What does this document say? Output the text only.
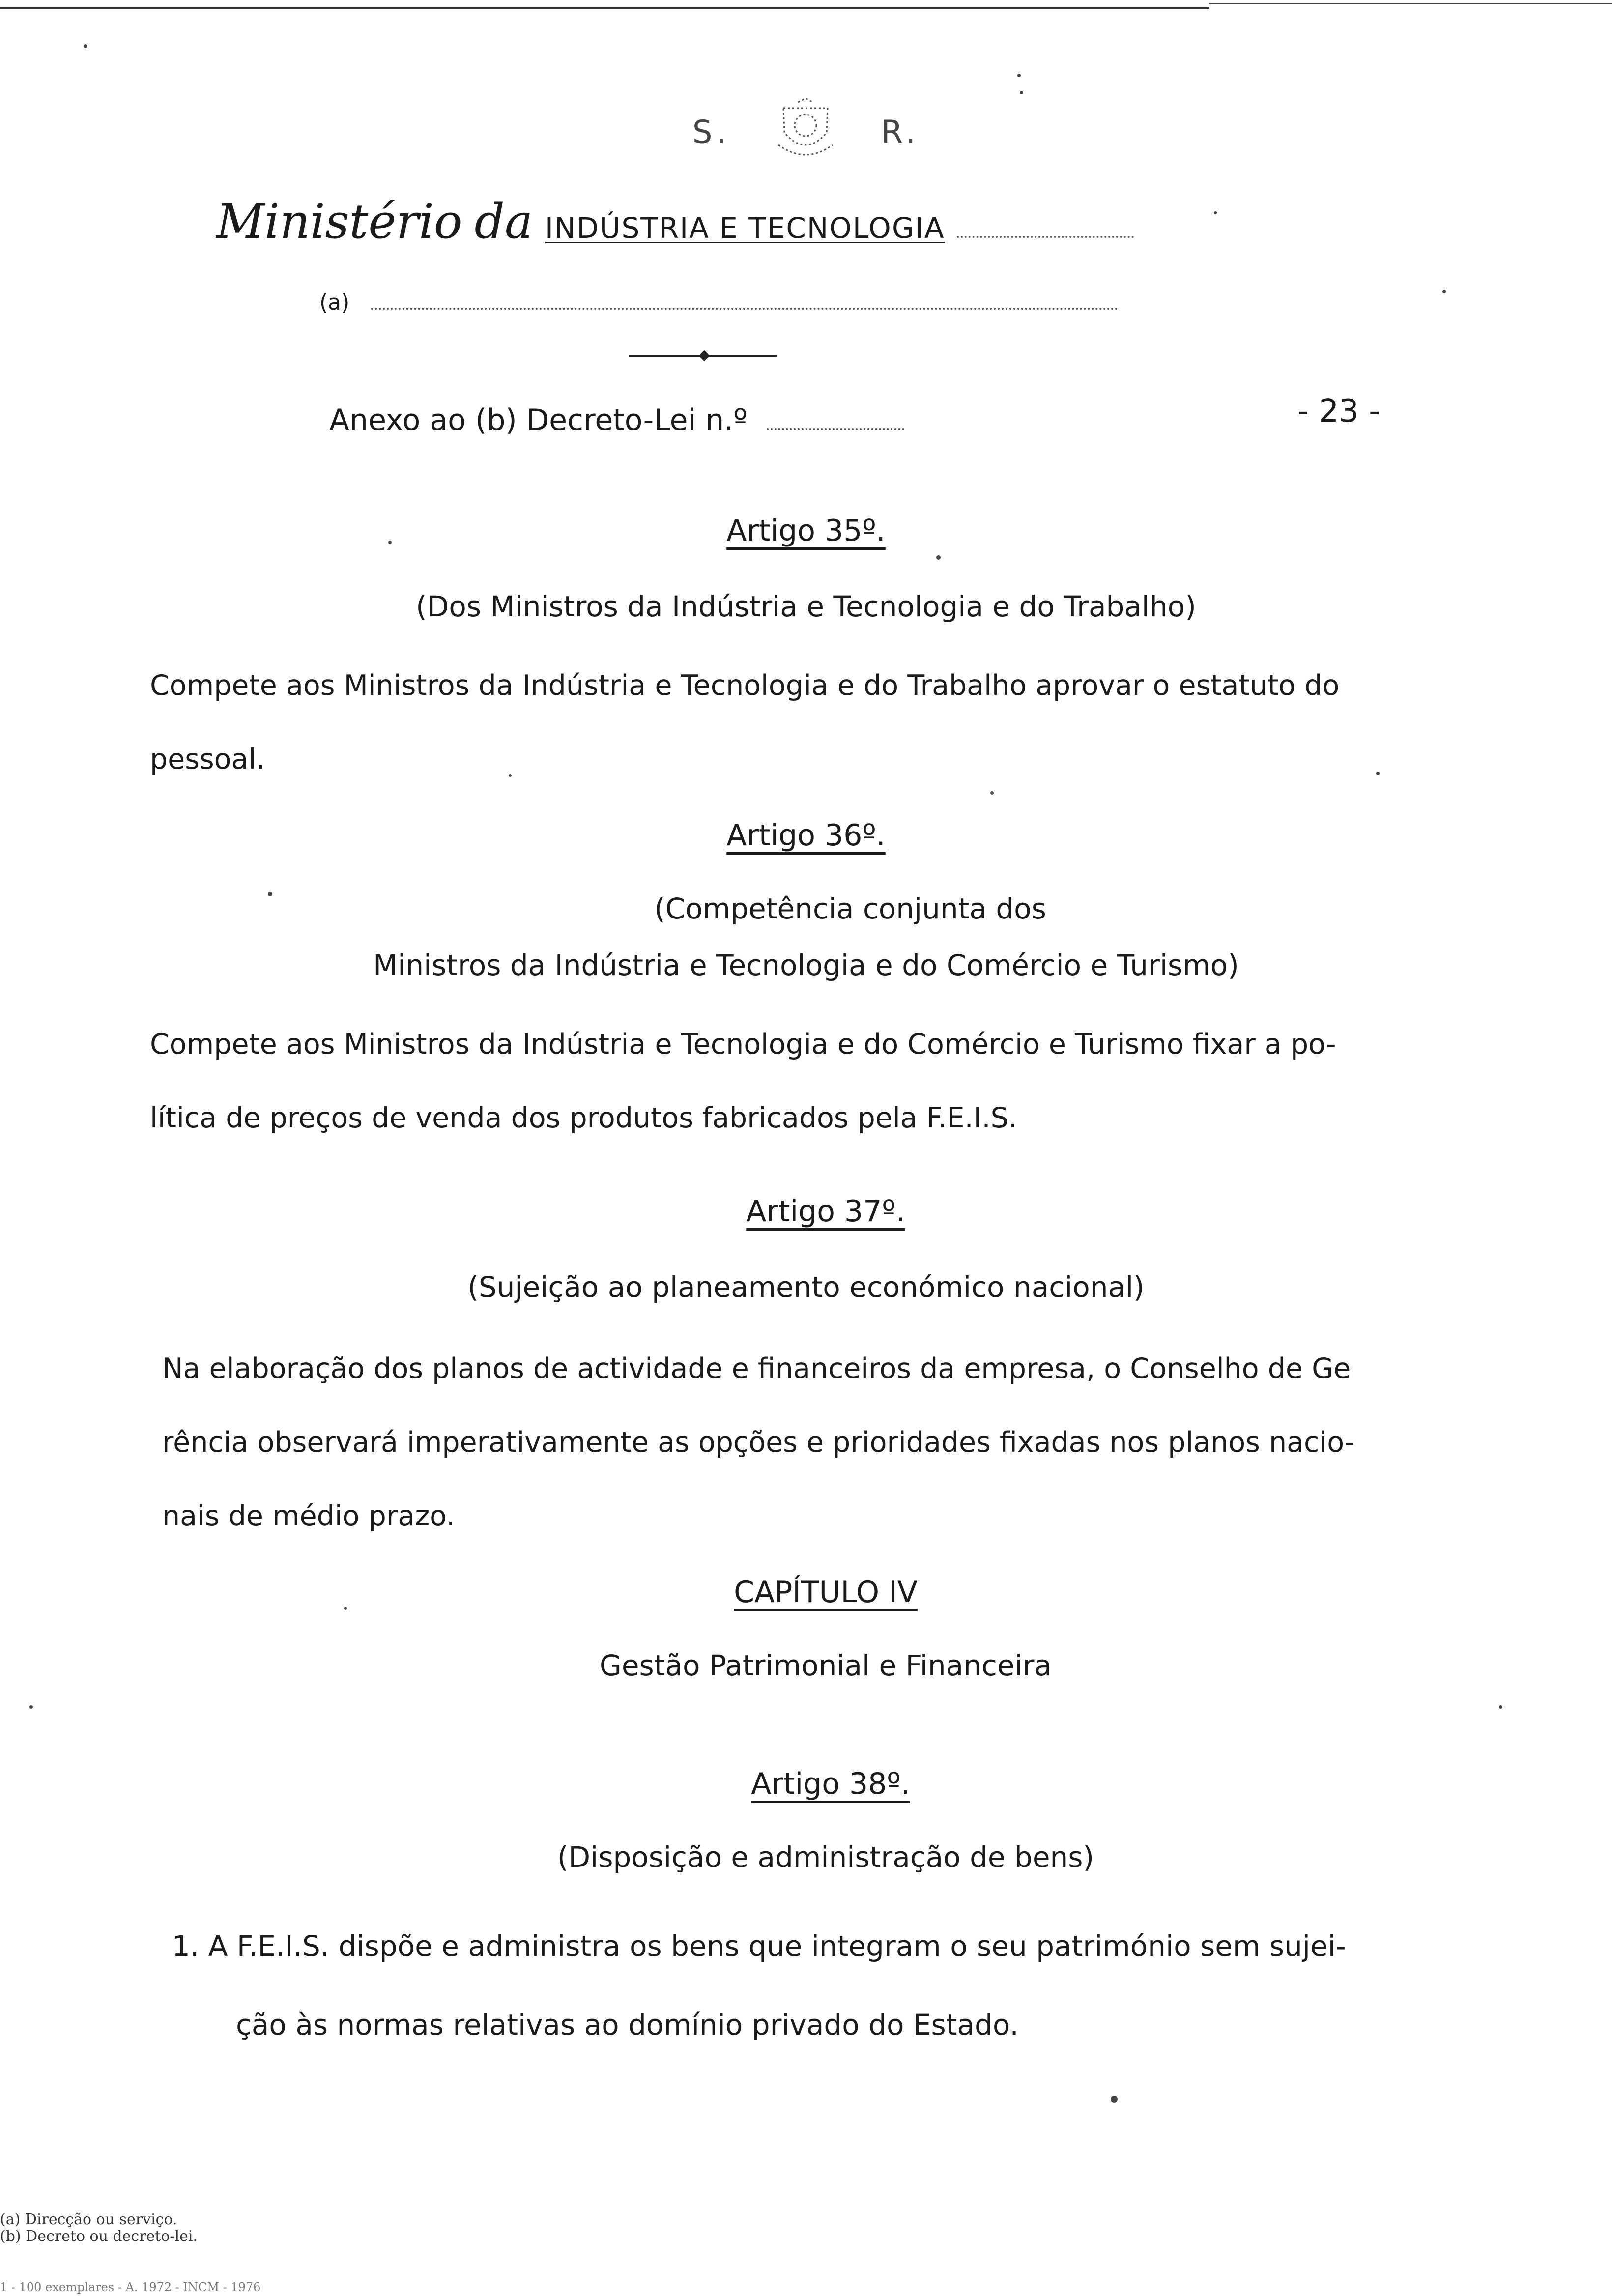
S.	R.
Ministério da INDÚSTRIA E TECNOLOGIA
(a)
Anexo ao (b) Decreto-Lei n.º	- 23 -
Artigo 35º.
(Dos Ministros da Indústria e Tecnologia e do Trabalho)
Compete aos Ministros da Indústria e Tecnologia e do Trabalho aprovar o estatuto do
pessoal.
Artigo 36º.
(Competência conjunta dos
Ministros da Indústria e Tecnologia e do Comércio e Turismo)
Compete aos Ministros da Indústria e Tecnologia e do Comércio e Turismo fixar a po-
lítica de preços de venda dos produtos fabricados pela F.E.I.S.
Artigo 37º.
(Sujeição ao planeamento económico nacional)
Na elaboração dos planos de actividade e financeiros da empresa, o Conselho de Ge
rência observará imperativamente as opções e prioridades fixadas nos planos nacio-
nais de médio prazo.
CAPÍTULO IV
Gestão Patrimonial e Financeira
Artigo 38º.
(Disposição e administração de bens)
1. A F.E.I.S. dispõe e administra os bens que integram o seu património sem sujei-
ção às normas relativas ao domínio privado do Estado.
(a) Direcção ou serviço.
(b) Decreto ou decreto-lei.
1 - 100 exemplares - A. 1972 - INCM - 1976
